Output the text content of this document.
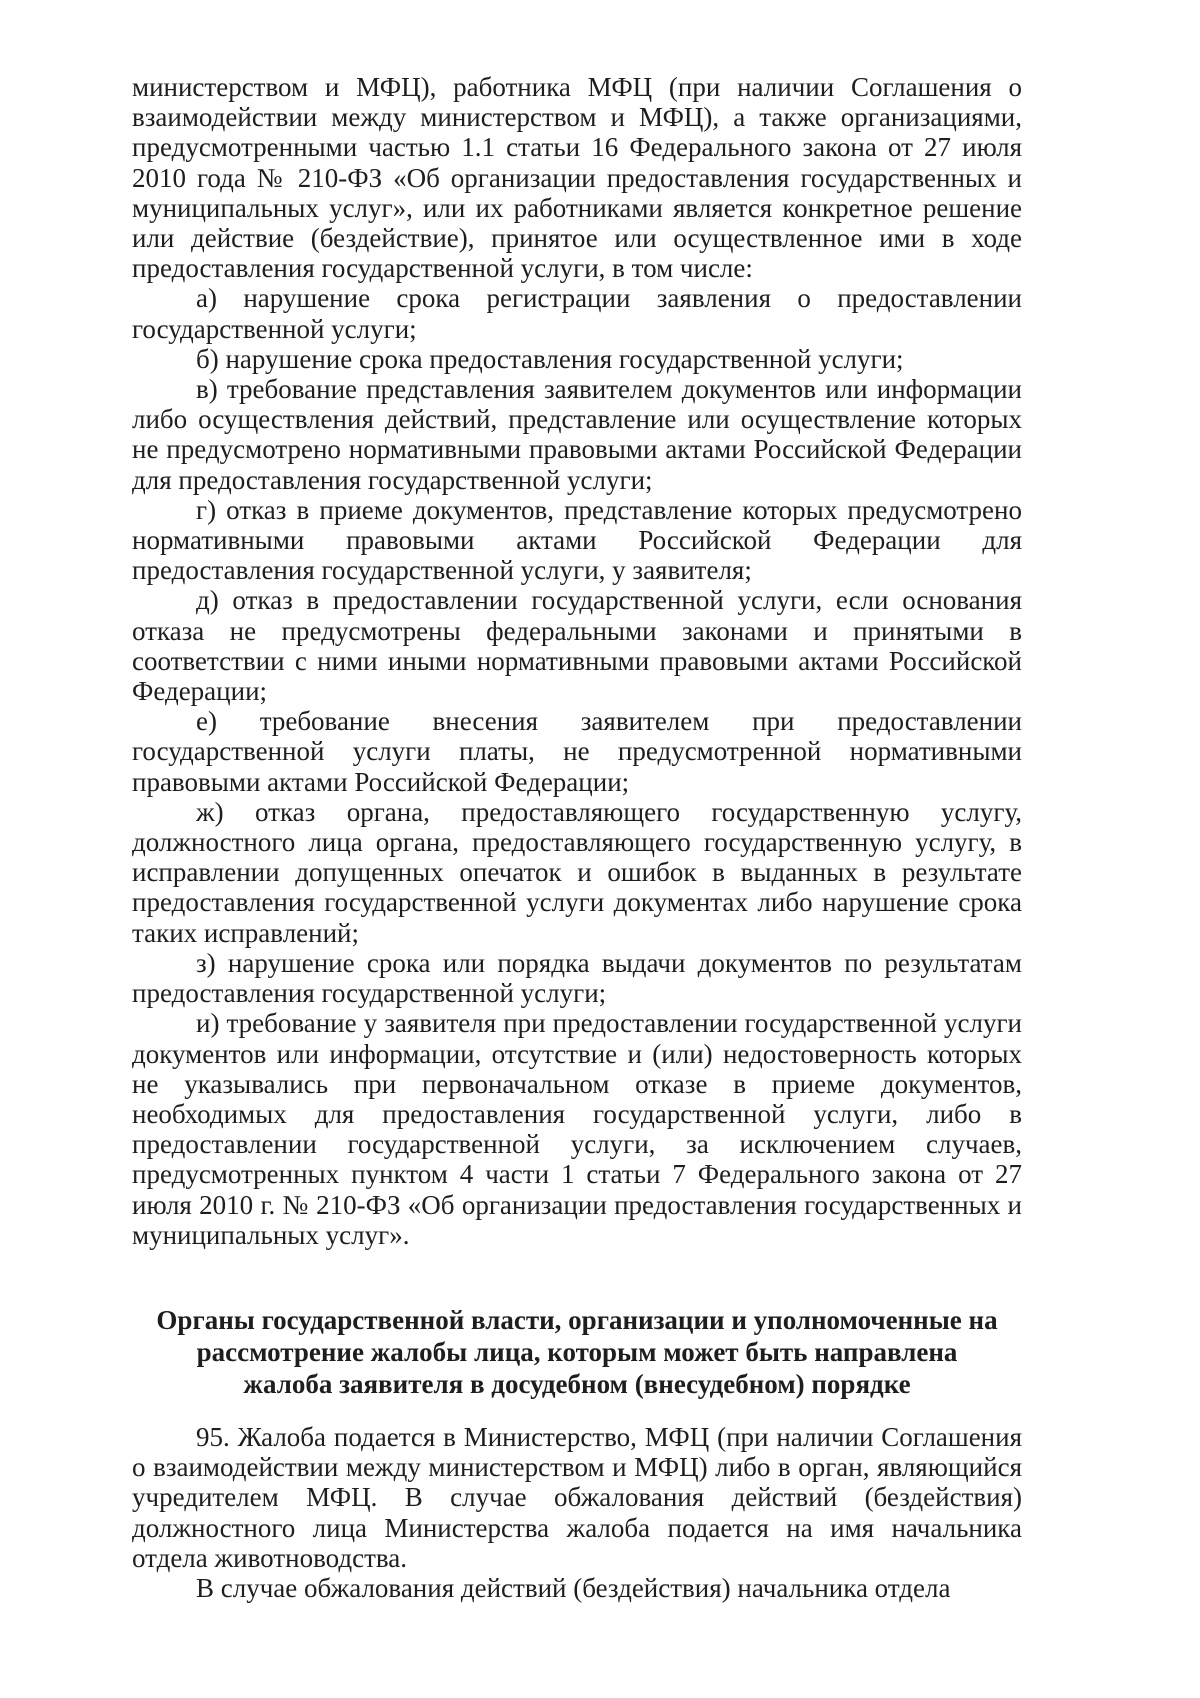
министерством и МФЦ), работника МФЦ (при наличии Соглашения о взаимодействии между министерством и МФЦ), а также организациями, предусмотренными частью 1.1 статьи 16 Федерального закона от 27 июля 2010 года № 210-ФЗ «Об организации предоставления государственных и муниципальных услуг», или их работниками является конкретное решение или действие (бездействие), принятое или осуществленное ими в ходе предоставления государственной услуги, в том числе:

а) нарушение срока регистрации заявления о предоставлении государственной услуги;

б) нарушение срока предоставления государственной услуги;

в) требование представления заявителем документов или информации либо осуществления действий, представление или осуществление которых не предусмотрено нормативными правовыми актами Российской Федерации для предоставления государственной услуги;

г) отказ в приеме документов, представление которых предусмотрено нормативными правовыми актами Российской Федерации для предоставления государственной услуги, у заявителя;

д) отказ в предоставлении государственной услуги, если основания отказа не предусмотрены федеральными законами и принятыми в соответствии с ними иными нормативными правовыми актами Российской Федерации;

е) требование внесения заявителем при предоставлении государственной услуги платы, не предусмотренной нормативными правовыми актами Российской Федерации;

ж) отказ органа, предоставляющего государственную услугу, должностного лица органа, предоставляющего государственную услугу, в исправлении допущенных опечаток и ошибок в выданных в результате предоставления государственной услуги документах либо нарушение срока таких исправлений;

з) нарушение срока или порядка выдачи документов по результатам предоставления государственной услуги;

и) требование у заявителя при предоставлении государственной услуги документов или информации, отсутствие и (или) недостоверность которых не указывались при первоначальном отказе в приеме документов, необходимых для предоставления государственной услуги, либо в предоставлении государственной услуги, за исключением случаев, предусмотренных пунктом 4 части 1 статьи 7 Федерального закона от 27 июля 2010 г. № 210-ФЗ «Об организации предоставления государственных и муниципальных услуг».

Органы государственной власти, организации и уполномоченные на рассмотрение жалобы лица, которым может быть направлена жалоба заявителя в досудебном (внесудебном) порядке

95. Жалоба подается в Министерство, МФЦ (при наличии Соглашения о взаимодействии между министерством и МФЦ) либо в орган, являющийся учредителем МФЦ. В случае обжалования действий (бездействия) должностного лица Министерства жалоба подается на имя начальника отдела животноводства.

В случае обжалования действий (бездействия) начальника отдела
